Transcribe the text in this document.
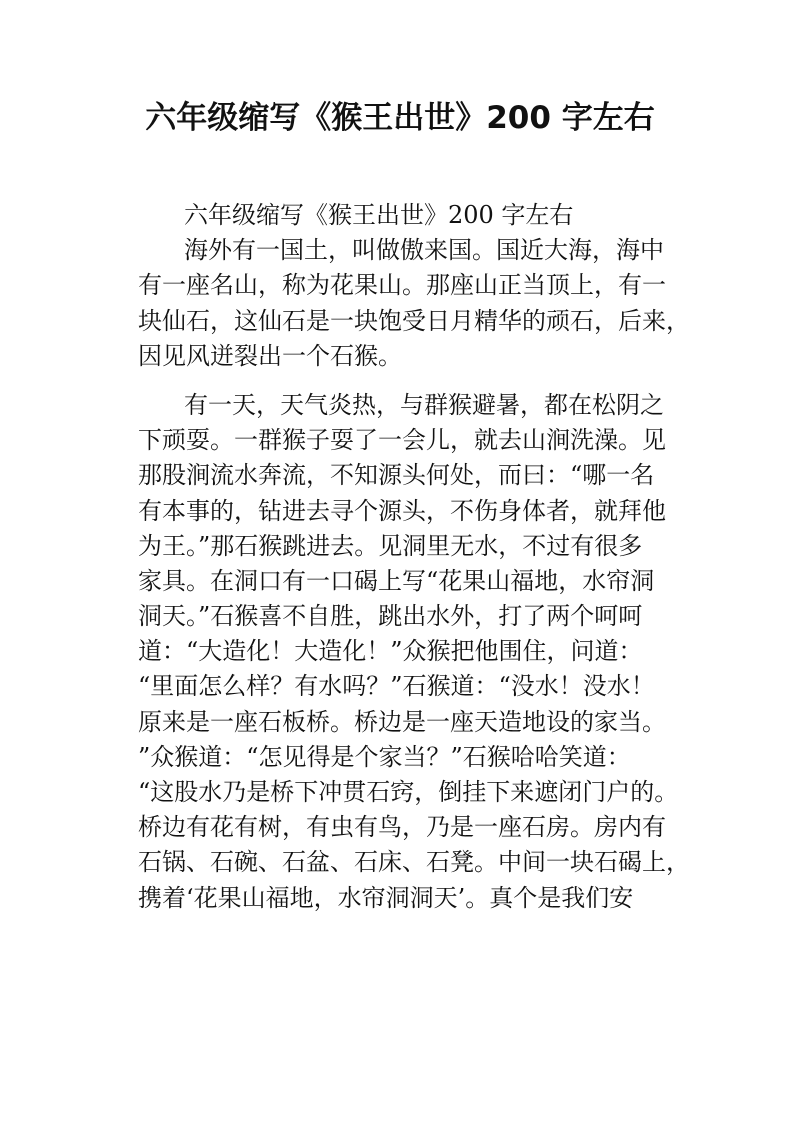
六年级缩写《猴王出世》200 字左右
六年级缩写《猴王出世》200 字左右
海外有一国土，叫做傲来国。国近大海，海中
有一座名山，称为花果山。那座山正当顶上，有一
块仙石，这仙石是一块饱受日月精华的顽石，后来，
因见风迸裂出一个石猴。
有一天，天气炎热，与群猴避暑，都在松阴之
下顽耍。一群猴子耍了一会儿，就去山涧洗澡。见
那股涧流水奔流，不知源头何处，而曰：“哪一名
有本事的，钻进去寻个源头，不伤身体者，就拜他
为王。”那石猴跳进去。见洞里无水，不过有很多
家具。在洞口有一口碣上写“花果山福地，水帘洞
洞天。”石猴喜不自胜，跳出水外，打了两个呵呵
道：“大造化！大造化！”众猴把他围住，问道：
“里面怎么样？有水吗？”石猴道：“没水！没水！
原来是一座石板桥。桥边是一座天造地设的家当。
”众猴道：“怎见得是个家当？”石猴哈哈笑道：
“这股水乃是桥下冲贯石窍，倒挂下来遮闭门户的。
桥边有花有树，有虫有鸟，乃是一座石房。房内有
石锅、石碗、石盆、石床、石凳。中间一块石碣上，
携着‘花果山福地，水帘洞洞天’。真个是我们安
